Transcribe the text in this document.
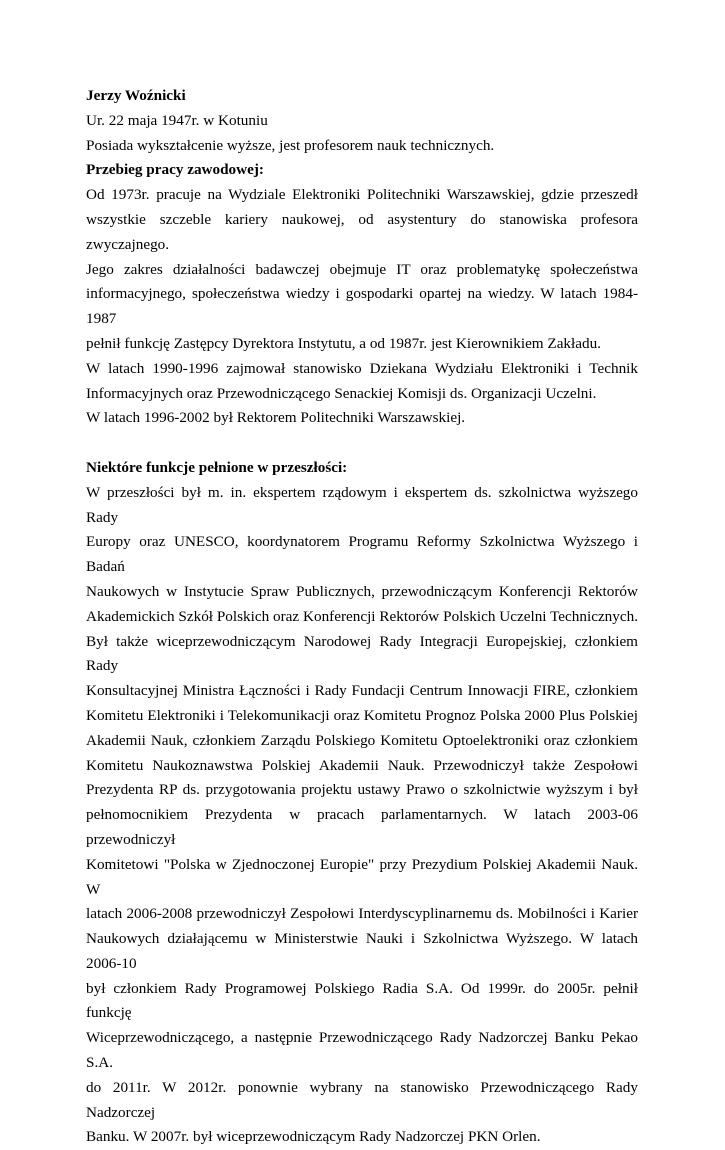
Jerzy Woźnicki
Ur. 22 maja 1947r. w Kotuniu
Posiada wykształcenie wyższe, jest profesorem nauk technicznych.
Przebieg pracy zawodowej:
Od 1973r. pracuje na Wydziale Elektroniki Politechniki Warszawskiej, gdzie przeszedł
wszystkie szczeble kariery naukowej, od asystentury do stanowiska profesora zwyczajnego.
Jego zakres działalności badawczej obejmuje IT oraz problematykę społeczeństwa
informacyjnego, społeczeństwa wiedzy i gospodarki opartej na wiedzy. W latach 1984-1987
pełnił funkcję Zastępcy Dyrektora Instytutu, a od 1987r. jest Kierownikiem Zakładu.
W latach 1990-1996 zajmował stanowisko Dziekana Wydziału Elektroniki i Technik
Informacyjnych oraz Przewodniczącego Senackiej Komisji ds. Organizacji Uczelni.
W latach 1996-2002 był Rektorem Politechniki Warszawskiej.
Niektóre funkcje pełnione w przeszłości:
W przeszłości był m. in. ekspertem rządowym i ekspertem ds. szkolnictwa wyższego Rady
Europy oraz UNESCO, koordynatorem Programu Reformy Szkolnictwa Wyższego i Badań
Naukowych w Instytucie Spraw Publicznych, przewodniczącym Konferencji Rektorów
Akademickich Szkół Polskich oraz Konferencji Rektorów Polskich Uczelni Technicznych.
Był także wiceprzewodniczącym Narodowej Rady Integracji Europejskiej, członkiem Rady
Konsultacyjnej Ministra Łączności i Rady Fundacji Centrum Innowacji FIRE, członkiem
Komitetu Elektroniki i Telekomunikacji oraz Komitetu Prognoz Polska 2000 Plus Polskiej
Akademii Nauk, członkiem Zarządu Polskiego Komitetu Optoelektroniki oraz członkiem
Komitetu Naukoznawstwa Polskiej Akademii Nauk. Przewodniczył także Zespołowi
Prezydenta RP ds. przygotowania projektu ustawy Prawo o szkolnictwie wyższym i był
pełnomocnikiem Prezydenta w pracach parlamentarnych. W latach 2003-06 przewodniczył
Komitetowi "Polska w Zjednoczonej Europie" przy Prezydium Polskiej Akademii Nauk. W
latach 2006-2008 przewodniczył Zespołowi Interdyscyplinarnemu ds. Mobilności i Karier
Naukowych działającemu w Ministerstwie Nauki i Szkolnictwa Wyższego. W latach 2006-10
był członkiem Rady Programowej Polskiego Radia S.A. Od 1999r. do 2005r. pełnił funkcję
Wiceprzewodniczącego, a następnie Przewodniczącego Rady Nadzorczej Banku Pekao S.A.
do 2011r. W 2012r. ponownie wybrany na stanowisko Przewodniczącego Rady Nadzorczej
Banku. W 2007r. był wiceprzewodniczącym Rady Nadzorczej PKN Orlen.
